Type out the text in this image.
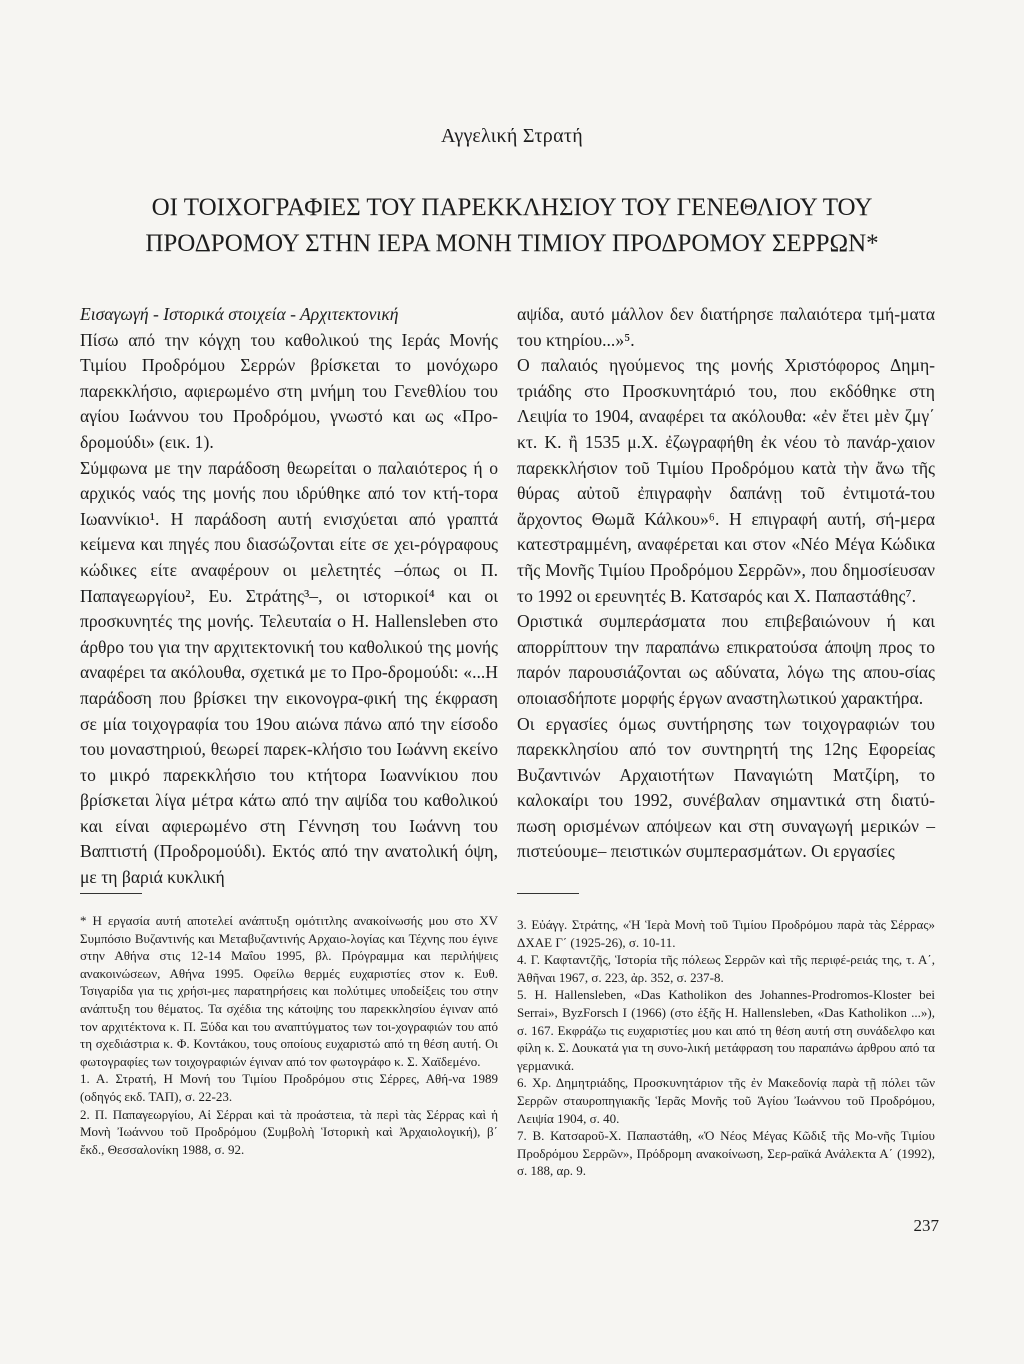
Αγγελική Στρατή
ΟΙ ΤΟΙΧΟΓΡΑΦΙΕΣ ΤΟΥ ΠΑΡΕΚΚΛΗΣΙΟΥ ΤΟΥ ΓΕΝΕΘΛΙΟΥ ΤΟΥ
ΠΡΟΔΡΟΜΟΥ ΣΤΗΝ ΙΕΡΑ ΜΟΝΗ ΤΙΜΙΟΥ ΠΡΟΔΡΟΜΟΥ ΣΕΡΡΩΝ*

Εισαγωγή - Ιστορικά στοιχεία - Αρχιτεκτονική

Πίσω από την κόγχη του καθολικού της Ιεράς Μονής Τιμίου Προδρόμου Σερρών βρίσκεται το μονόχωρο παρεκκλήσιο, αφιερωμένο στη μνήμη του Γενεθλίου του αγίου Ιωάννου του Προδρόμου, γνωστό και ως «Προ-δρομούδι» (εικ. 1).

Σύμφωνα με την παράδοση θεωρείται ο παλαιότερος ή ο αρχικός ναός της μονής που ιδρύθηκε από τον κτή-τορα Ιωαννίκιο¹. Η παράδοση αυτή ενισχύεται από γραπτά κείμενα και πηγές που διασώζονται είτε σε χει-ρόγραφους κώδικες είτε αναφέρουν οι μελετητές –όπως οι Π. Παπαγεωργίου², Ευ. Στράτης³–, οι ιστορικοί⁴ και οι προσκυνητές της μονής. Τελευταία ο Η. Hallensleben στο άρθρο του για την αρχιτεκτονική του καθολικού της μονής αναφέρει τα ακόλουθα, σχετικά με το Προ-δρομούδι: «...Η παράδοση που βρίσκει την εικονογρα-φική της έκφραση σε μία τοιχογραφία του 19ου αιώνα πάνω από την είσοδο του μοναστηριού, θεωρεί παρεκ-κλήσιο του Ιωάννη εκείνο το μικρό παρεκκλήσιο του κτήτορα Ιωαννίκιου που βρίσκεται λίγα μέτρα κάτω από την αψίδα του καθολικού και είναι αφιερωμένο στη Γέννηση του Ιωάννη του Βαπτιστή (Προδρομούδι). Εκτός από την ανατολική όψη, με τη βαριά κυκλική

αψίδα, αυτό μάλλον δεν διατήρησε παλαιότερα τμή-ματα του κτηρίου...»⁵.

Ο παλαιός ηγούμενος της μονής Χριστόφορος Δημη-τριάδης στο Προσκυνητάριό του, που εκδόθηκε στη Λειψία το 1904, αναφέρει τα ακόλουθα: «ἐν ἔτει μὲν ζμγ΄ κτ. Κ. ἢ 1535 μ.Χ. ἐζωγραφήθη ἐκ νέου τὸ πανάρ-χαιον παρεκκλήσιον τοῦ Τιμίου Προδρόμου κατὰ τὴν ἄνω τῆς θύρας αὐτοῦ ἐπιγραφὴν δαπάνῃ τοῦ ἐντιμοτά-του ἄρχοντος Θωμᾶ Κάλκου»⁶. Η επιγραφή αυτή, σή-μερα κατεστραμμένη, αναφέρεται και στον «Νέο Μέγα Κώδικα τῆς Μονῆς Τιμίου Προδρόμου Σερρῶν», που δημοσίευσαν το 1992 οι ερευνητές Β. Κατσαρός και Χ. Παπαστάθης⁷.

Οριστικά συμπεράσματα που επιβεβαιώνουν ή και απορρίπτουν την παραπάνω επικρατούσα άποψη προς το παρόν παρουσιάζονται ως αδύνατα, λόγω της απου-σίας οποιασδήποτε μορφής έργων αναστηλωτικού χαρακτήρα.

Οι εργασίες όμως συντήρησης των τοιχογραφιών του παρεκκλησίου από τον συντηρητή της 12ης Εφορείας Βυζαντινών Αρχαιοτήτων Παναγιώτη Ματζίρη, το καλοκαίρι του 1992, συνέβαλαν σημαντικά στη διατύ-πωση ορισμένων απόψεων και στη συναγωγή μερικών –πιστεύουμε– πειστικών συμπερασμάτων. Οι εργασίες

* Η εργασία αυτή αποτελεί ανάπτυξη ομότιτλης ανακοίνωσής μου στο XV Συμπόσιο Βυζαντινής και Μεταβυζαντινής Αρχαιο-λογίας και Τέχνης που έγινε στην Αθήνα στις 12-14 Μαΐου 1995, βλ. Πρόγραμμα και περιλήψεις ανακοινώσεων, Αθήνα 1995. Οφείλω θερμές ευχαριστίες στον κ. Ευθ. Τσιγαρίδα για τις χρήσι-μες παρατηρήσεις και πολύτιμες υποδείξεις του στην ανάπτυξη του θέματος. Τα σχέδια της κάτοψης του παρεκκλησίου έγιναν από τον αρχιτέκτονα κ. Π. Ξύδα και του αναπτύγματος των τοι-χογραφιών του από τη σχεδιάστρια κ. Φ. Κοντάκου, τους οποίους ευχαριστώ από τη θέση αυτή. Οι φωτογραφίες των τοιχογραφιών έγιναν από τον φωτογράφο κ. Σ. Χαϊδεμένο.

1. Α. Στρατή, Η Μονή του Τιμίου Προδρόμου στις Σέρρες, Αθή-να 1989 (οδηγός εκδ. ΤΑΠ), σ. 22-23.

2. Π. Παπαγεωργίου, Αἱ Σέρραι καὶ τὰ προάστεια, τὰ περὶ τὰς Σέρρας καὶ ἡ Μονὴ Ἰωάννου τοῦ Προδρόμου (Συμβολὴ Ἱστορικὴ καὶ Ἀρχαιολογική), β΄ ἔκδ., Θεσσαλονίκη 1988, σ. 92.

3. Εὐάγγ. Στράτης, «Ἡ Ἱερὰ Μονὴ τοῦ Τιμίου Προδρόμου παρὰ τὰς Σέρρας» ΔΧΑΕ Γ΄ (1925-26), σ. 10-11.

4. Γ. Καφταντζῆς, Ἱστορία τῆς πόλεως Σερρῶν καὶ τῆς περιφέ-ρειάς της, τ. Α΄, Ἀθῆναι 1967, σ. 223, ἀρ. 352, σ. 237-8.

5. H. Hallensleben, «Das Katholikon des Johannes-Prodromos-Kloster bei Serrai», ByzForsch I (1966) (στο ἑξῆς H. Hallensleben, «Das Katholikon ...»), σ. 167. Εκφράζω τις ευχαριστίες μου και από τη θέση αυτή στη συνάδελφο και φίλη κ. Σ. Δουκατά για τη συνο-λική μετάφραση του παραπάνω άρθρου από τα γερμανικά.

6. Χρ. Δημητριάδης, Προσκυνητάριον τῆς ἐν Μακεδονίᾳ παρὰ τῇ πόλει τῶν Σερρῶν σταυροπηγιακῆς Ἱερᾶς Μονῆς τοῦ Ἁγίου Ἰωάννου τοῦ Προδρόμου, Λειψία 1904, σ. 40.

7. Β. Κατσαροῦ-Χ. Παπαστάθη, «Ὁ Νέος Μέγας Κῶδιξ τῆς Μο-νῆς Τιμίου Προδρόμου Σερρῶν», Πρόδρομη ανακοίνωση, Σερ-ραϊκά Ανάλεκτα Α΄ (1992), σ. 188, αρ. 9.

237
